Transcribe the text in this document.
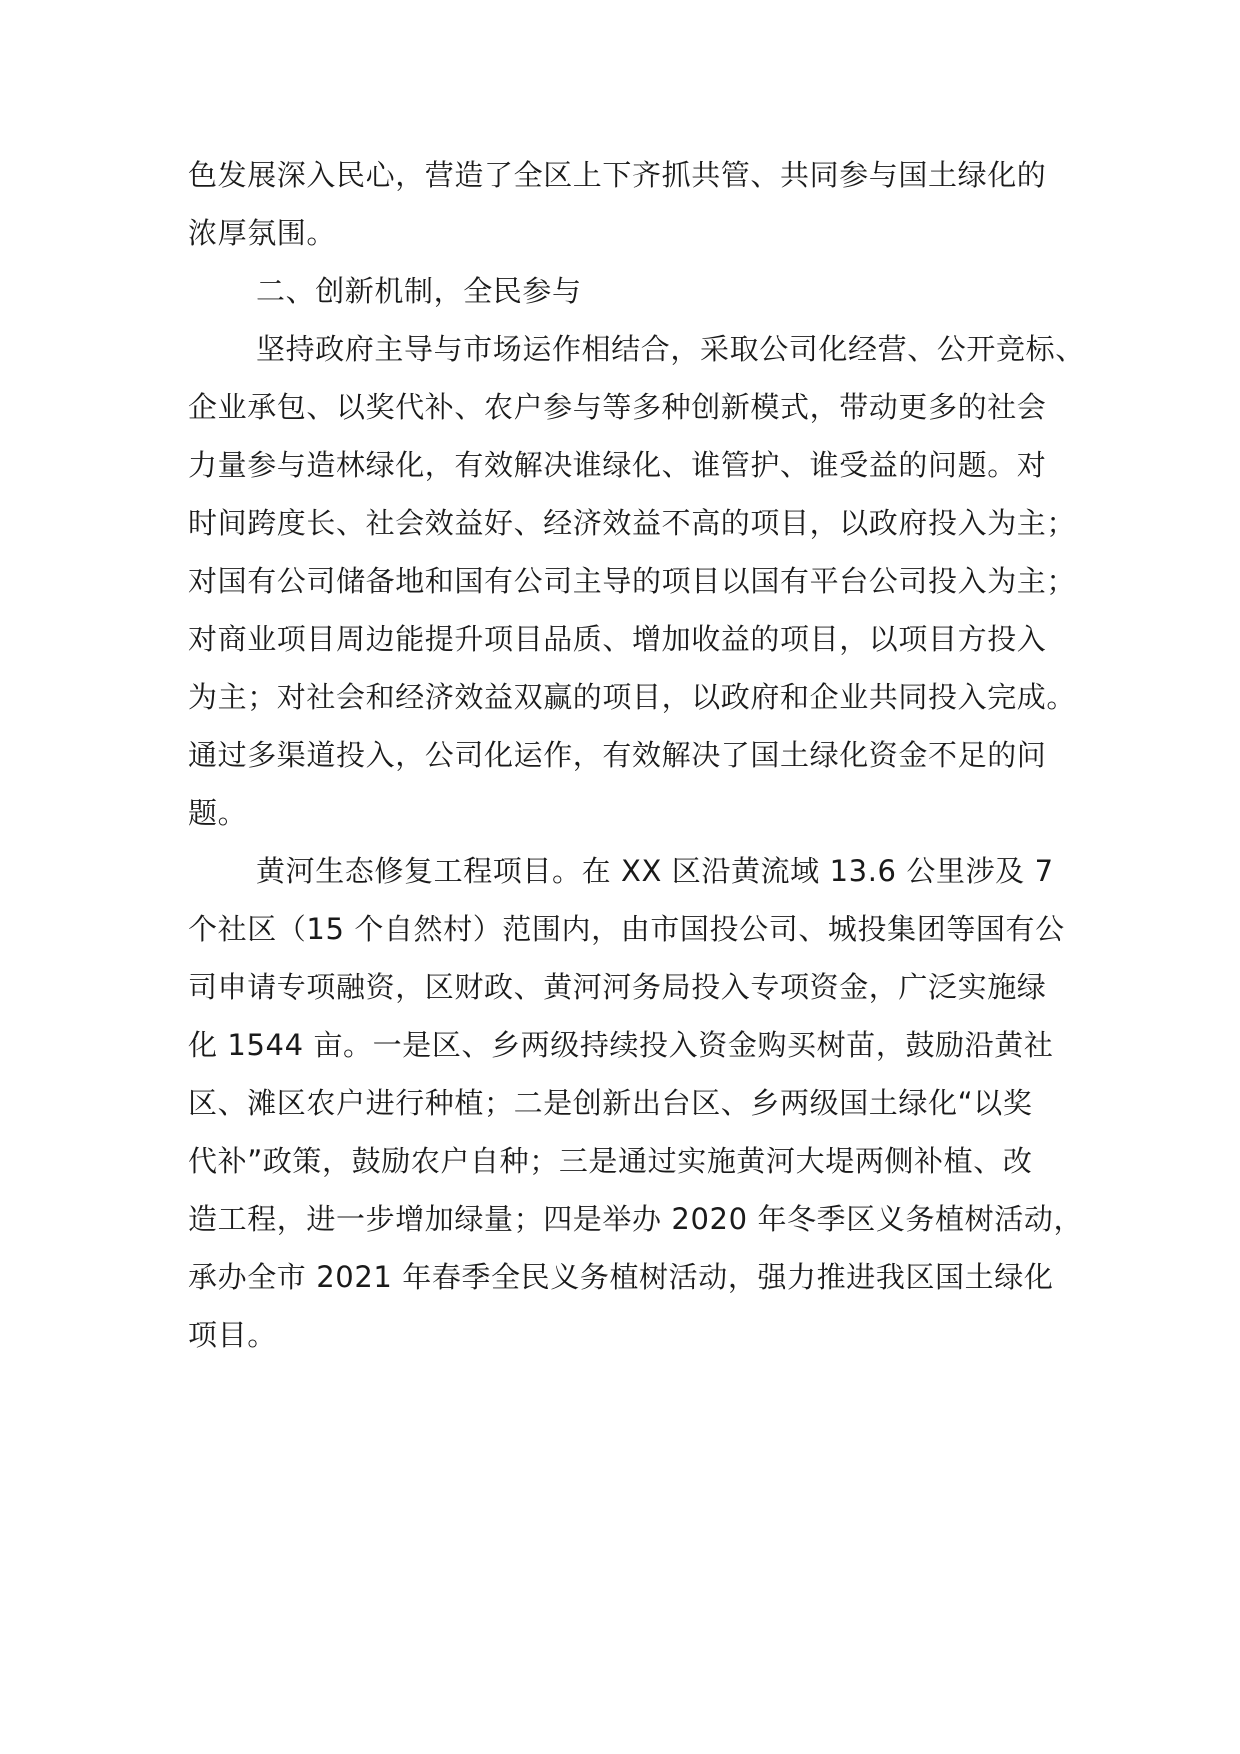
色发展深入民心，营造了全区上下齐抓共管、共同参与国土绿化的
浓厚氛围。
二、创新机制，全民参与
坚持政府主导与市场运作相结合，采取公司化经营、公开竞标、
企业承包、以奖代补、农户参与等多种创新模式，带动更多的社会
力量参与造林绿化，有效解决谁绿化、谁管护、谁受益的问题。对
时间跨度长、社会效益好、经济效益不高的项目，以政府投入为主；
对国有公司储备地和国有公司主导的项目以国有平台公司投入为主；
对商业项目周边能提升项目品质、增加收益的项目，以项目方投入
为主；对社会和经济效益双赢的项目，以政府和企业共同投入完成。
通过多渠道投入，公司化运作，有效解决了国土绿化资金不足的问
题。
黄河生态修复工程项目。在 XX 区沿黄流域 13.6 公里涉及 7
个社区（15 个自然村）范围内，由市国投公司、城投集团等国有公
司申请专项融资，区财政、黄河河务局投入专项资金，广泛实施绿
化 1544 亩。一是区、乡两级持续投入资金购买树苗，鼓励沿黄社
区、滩区农户进行种植；二是创新出台区、乡两级国土绿化“以奖
代补”政策，鼓励农户自种；三是通过实施黄河大堤两侧补植、改
造工程，进一步增加绿量；四是举办 2020 年冬季区义务植树活动，
承办全市 2021 年春季全民义务植树活动，强力推进我区国土绿化
项目。
